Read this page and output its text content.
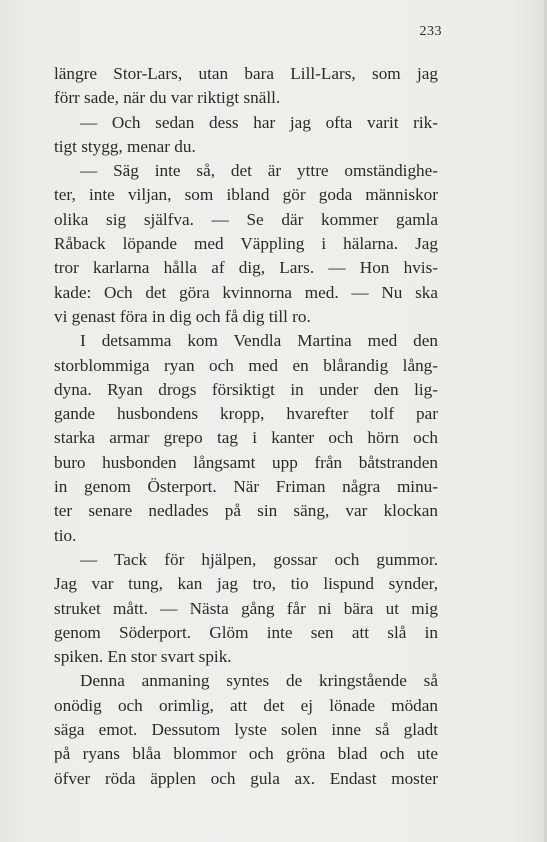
233
längre Stor-Lars, utan bara Lill-Lars, som jag
förr sade, när du var riktigt snäll.
— Och sedan dess har jag ofta varit rik-
tigt stygg, menar du.
— Säg inte så, det är yttre omständighe-
ter, inte viljan, som ibland gör goda människor
olika sig själfva. — Se där kommer gamla
Råback löpande med Väppling i hälarna. Jag
tror karlarna hålla af dig, Lars. — Hon hvis-
kade: Och det göra kvinnorna med. — Nu ska
vi genast föra in dig och få dig till ro.
I detsamma kom Vendla Martina med den
storblommiga ryan och med en blårandig lång-
dyna. Ryan drogs försiktigt in under den lig-
gande husbondens kropp, hvarefter tolf par
starka armar grepo tag i kanter och hörn och
buro husbonden långsamt upp från båtstranden
in genom Österport. När Friman några minu-
ter senare nedlades på sin säng, var klockan
tio.
— Tack för hjälpen, gossar och gummor.
Jag var tung, kan jag tro, tio lispund synder,
struket mått. — Nästa gång får ni bära ut mig
genom Söderport. Glöm inte sen att slå in
spiken. En stor svart spik.
Denna anmaning syntes de kringstående så
onödig och orimlig, att det ej lönade mödan
säga emot. Dessutom lyste solen inne så gladt
på ryans blåa blommor och gröna blad och ute
öfver röda äpplen och gula ax. Endast moster
